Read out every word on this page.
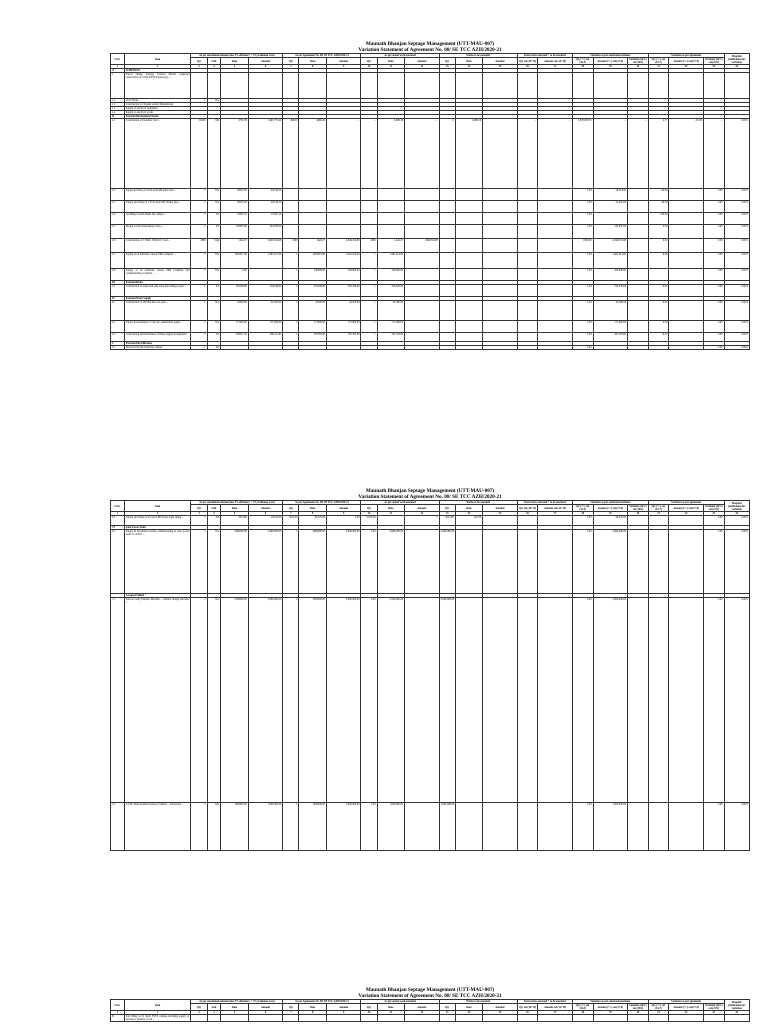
Maunath Bhanjan Septage Management (UTT-MAU-007)
Variation Statement of Agreement No. 08/ SE TCC AZH/2020-21
S.No.	Item	As per sanctioned estimate (less 5% efficiency + 1%) Lakhnau Cost)				As per Agreement No. 08/ SE TCC AZH/2020-21			As per actual work executed			Works to be executed			Total works executed + to be executed		Variation as per sanctioned estimate			Variation as per agreement			Hospital justification for variation
		Qty	Unit	Rate	Amount	Qty	Rate	Amount	Qty	Rate	Amount	Qty	Rate	Amount	Qty col.(10+13)	Amount col.(12+15)	Qty (+/-) col.(16-3)	Amount (+/-) col.(17-6)	Variation (in%) col.(19/6)	Qty (+/-) col.(16-7)	Amount (+/-) col.(17-9)	Variation (in%) col.(22/9)	
1	2	3	4	5	6	7	8	9	10	11	12	13	14	15	16	17	18	19	20	21	22	23	24
A	SCHEDULE																						
I	Faecal Sludge Septage Solution Hybrid composed construction of 31 KLD FSTP (turn-key) ...																						
1.1	Civil Works	1	Nos																				
1.2	Construction of Channel section (Regulation)																						
1.3	Supply of electrical equipment																						
1.4	Supply of electrical works																						
II	External Development Works																						
2.1	Construction of boundary wall ...	159.60	Mtr	4731.85	1,295,775.44	499.60	4669.16	...	...	4,669.16	...	0	4,669.16		...	...	3,878,858.55	...	...	4.77	-25.28	...	4.83%
2.2	Supply & fixing of 3.0 m wide MS Steel Gate ...	1	Nos	49518.50	49,518.50												1.00	26,518.00		-44.64		0.00	0.00%
2.3	Supply and fixing of 1.50 m wide MS Wicket gate ...	1	Nos	49518.50	49,518.50												1.00	21,632.00		-56.30		0.00	0.00%
2.4	Levelling of earth inside the campus ...	1	Job	23567.10	23,567.10												1.00			-100.00		0.00	0.00%
2.5	Design for the landscaping works ...	1	Job	142935.00	142,935.00												1.00	142,935.00		0.00		0.00	0.00%
2.6	Construction of 3.75mtr. Width CC road ...	1860	Sqm	1424.27	2,649,319.98	1860	1424.27	2,649,319.98	1860	1,424.27	2649319.98						1860.00	2,649,319.98		0.02		0.00	0.00%
2.7	Supply of all materials, labour T&P complete ...	1	Nos	1391617.50	1,391,617.50	1	1481614.00	1,481,614.00	1	1,481,614.00							1.00	1,481,614.00		6.46		0.00	0.00%
2.8	Supply of all materials, labour T&P Complete and commissioning of pumps ...	1	Nos	0.00		1	100000.00	100,000.00	1	100,000.00							1.00	100,000.00				0.00	0.00%
III	External Drain																						
3.1	Construction of drain with rain water harvesting system ...	1	Job	316239.00	316,239.00	1	316239.00	316,239.00	1	316,239.00							1.00	316,239.00		0.00		0.00	0.00%
IV	External Water Supply																						
4.1	Construction of 150 mm dia bore well ...	1	Nos	42500.00	42,500.00	1	42500.00	42,500.00	1	42,500.00							1.00	42,500.00		0.00		0.00	0.00%
4.2	Supply & installation of 5 hp AC submersible pump ...	1	Nos	171000.00	171,000.00	1	171000.00	171,000.00	1	171,000.00							1.00	171,000.00		0.00		0.00	0.00%
4.3	Construction and installation of Water supply arrangement	1	Job	168211.81	168,211.81	1	167763.00	167,763.00	1	167,763.00							1.00	167,763.00		-0.27		0.00	0.00%
V	External Electrification																						
5.1	Electrical Works inside the campus	1	Job														1.00					0.00	0.00%
Maunath Bhanjan Septage Management (UTT-MAU-007)
Variation Statement of Agreement No. 08/ SE TCC AZH/2020-21
S.No.	Item	As per sanctioned estimate (less 5% efficiency + 1%) Lakhnau Cost)				As per Agreement No. 08/ SE TCC AZH/2020-21			As per actual work executed			Works to be executed			Total works executed + to be executed		Variation as per sanctioned estimate			Variation as per agreement			Hospital justification for variation
		Qty	Unit	Rate	Amount	Qty	Rate	Amount	Qty	Rate	Amount	Qty	Rate	Amount	Qty col.(10+13)	Amount col.(12+15)	Qty (+/-) col.(16-3)	Amount (+/-) col.(17-6)	Variation (in%) col.(19/6)	Qty (+/-) col.(16-7)	Amount (+/-) col.(17-9)	Variation (in%) col.(22/9)	
1	2	3	4	5	6	7	8	9	10	11	12	13	14	15	16	17	18	19	20	21	22	23	24
5.2	Supply and fixing of 20 watt LED Street Light fitting ...	1	Job	5974.00	29,376.00	5974.00	29,376.00	1.00	5,974.00		1	5974.00	29,376				1.00	29,376.00				0.00	0.00%
VI	Solar Power Point																						
6.1	Supply & installation testing commissioning of solar power plant of 15 KW ...	1	Nos	2996000.00	2,996,000.00	1	2996000.00	2,996,000.00	1.00	2,996,000.00		2,996,000.00					1.00	2,996,000.00				0.00	0.00%
	Cesspool Vehicle :																						
7.1	Suction Gully Emptier Machine ... Mobile Sludge Decanter ...	2	Nos	2500000.00	5,000,000.00	2	2500000.00	5,000,000.00	2.00	2,500,000.00		5,000,000.00					2.00	5,000,000.00				0.00	0.00%
7.2	3.5 KL Tank mounted Cesspool Vehicle ... Extraction	1	Nos	1000000.00	1,000,000.00	1	1000000.00	1,000,000.00	1.00	1,000,000.00		1,000,000.00					1.00	1,000,000.00				0.00	0.00%
Maunath Bhanjan Septage Management (UTT-MAU-007)
Variation Statement of Agreement No. 08/ SE TCC AZH/2020-21
S.No.	Item	As per sanctioned estimate (less 5% efficiency + 1%) Lakhnau Cost)				As per Agreement No. 08/ SE TCC AZH/2020-21			As per actual work executed			Works to be executed			Total works executed + to be executed		Variation as per sanctioned estimate			Variation as per agreement			Hospital justification for variation
		Qty	Unit	Rate	Amount	Qty	Rate	Amount	Qty	Rate	Amount	Qty	Rate	Amount	Qty col.(10+13)	Amount col.(12+15)	Qty (+/-) col.(16-3)	Amount (+/-) col.(17-6)	Variation (in%) col.(19/6)	Qty (+/-) col.(16-7)	Amount (+/-) col.(17-9)	Variation (in%) col.(22/9)	
1	2	3	4	5	6	7	8	9	10	11	12	13	14	15	16	17	18	19	20	21	22	23	24
B	Soil filling in 31 KLD FSTP campus including supply of necessary quantity of soil ...																						
